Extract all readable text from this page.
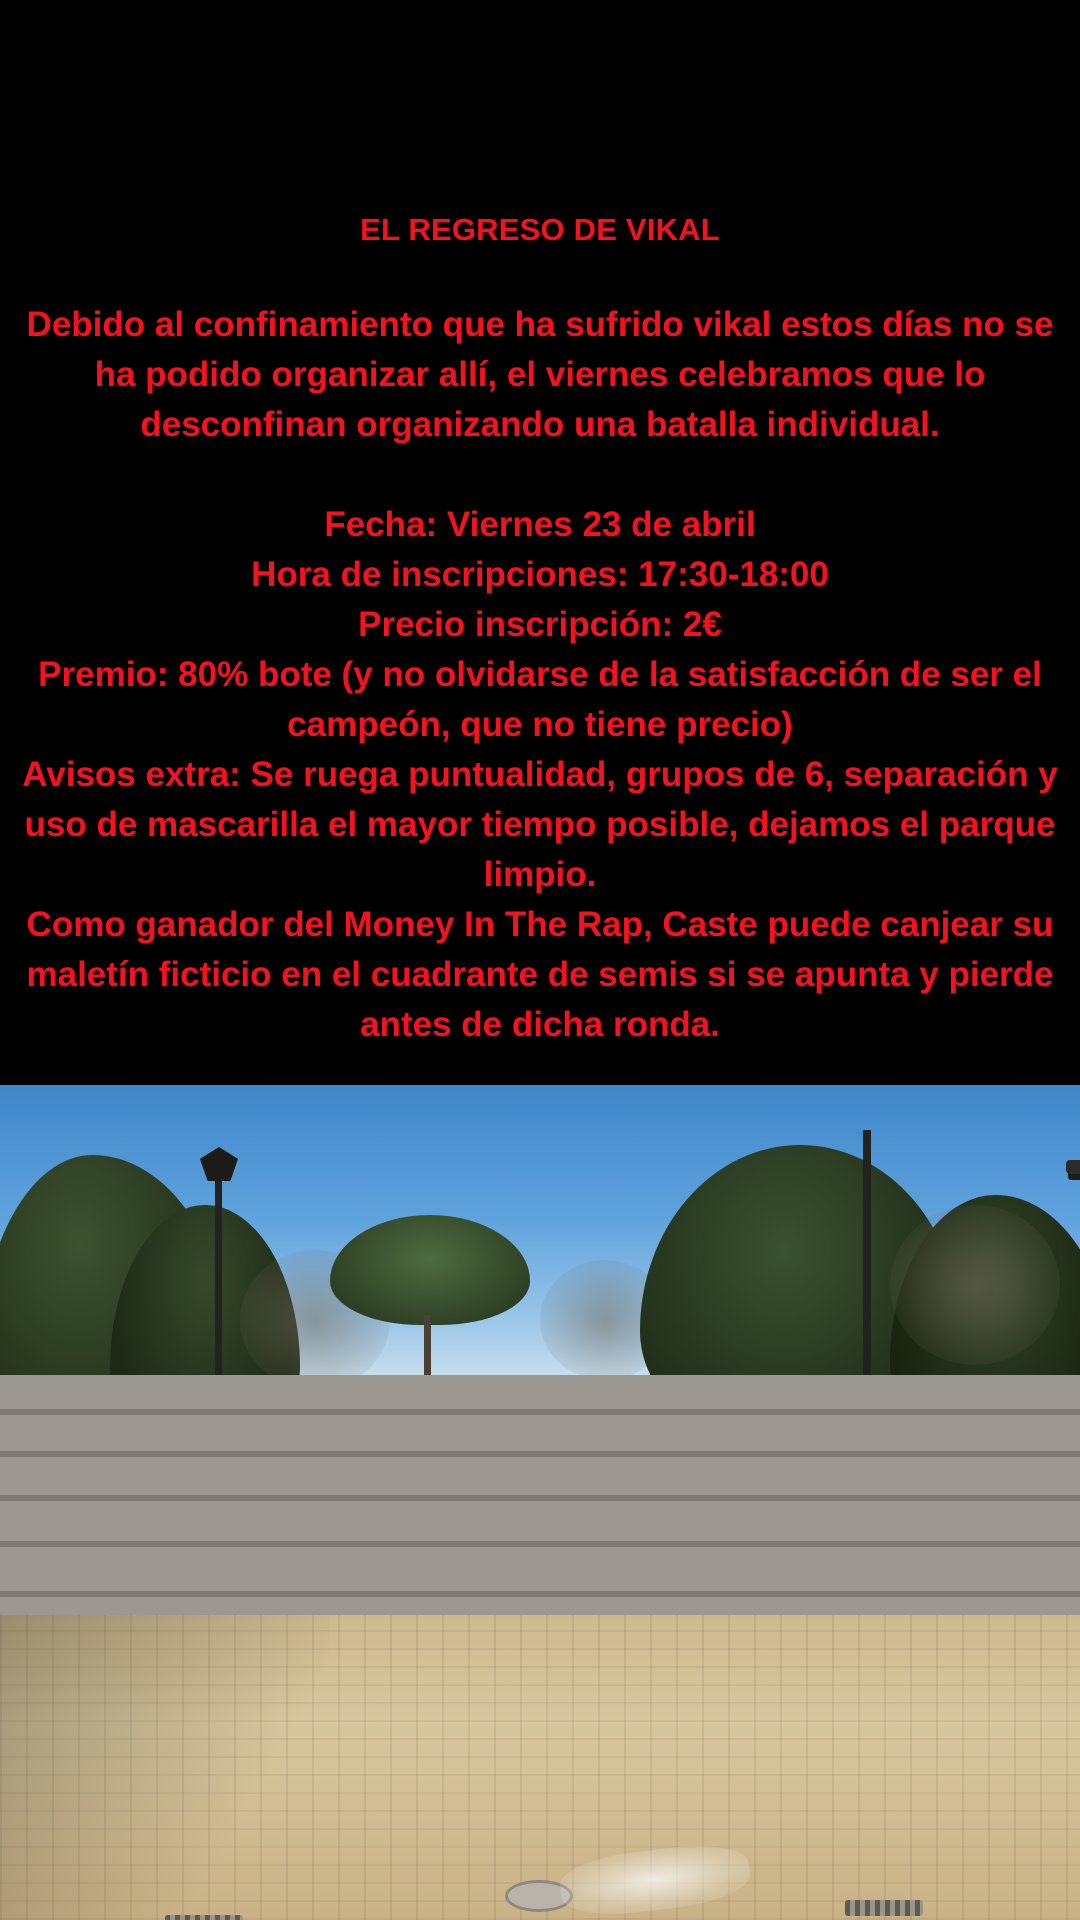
EL REGRESO DE VIKAL
Debido al confinamiento que ha sufrido vikal estos días no se ha podido organizar allí, el viernes celebramos que lo desconfinan organizando una batalla individual.
Fecha: Viernes 23 de abril
Hora de inscripciones: 17:30-18:00
Precio inscripción: 2€
Premio: 80% bote (y no olvidarse de la satisfacción de ser el campeón, que no tiene precio)
Avisos extra: Se ruega puntualidad, grupos de 6, separación y uso de mascarilla el mayor tiempo posible, dejamos el parque limpio.
Como ganador del Money In The Rap, Caste puede canjear su maletín ficticio en el cuadrante de semis si se apunta y pierde antes de dicha ronda.
